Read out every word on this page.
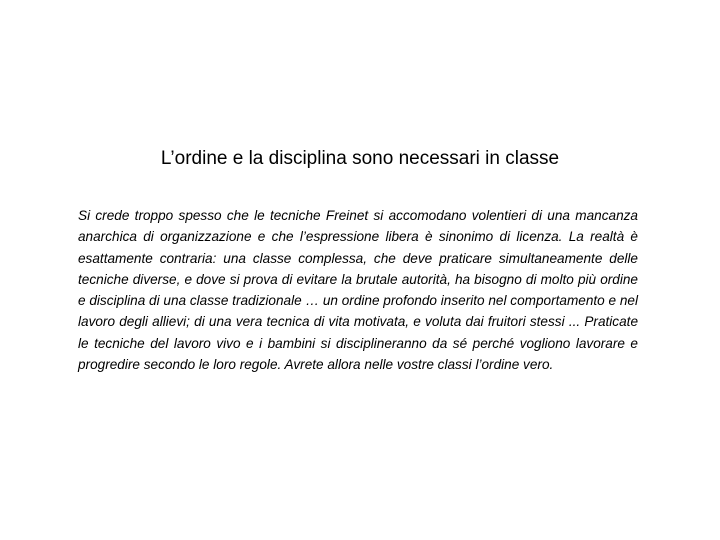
L’ordine e la disciplina sono necessari in classe

Si crede troppo spesso che le tecniche Freinet si accomodano volentieri di una mancanza anarchica di organizzazione e che l’espressione libera è sinonimo di licenza. La realtà è esattamente contraria: una classe complessa, che deve praticare simultaneamente delle tecniche diverse, e dove si prova di evitare la brutale autorità, ha bisogno di molto più ordine e disciplina di una classe tradizionale … un ordine profondo inserito nel comportamento e nel lavoro degli allievi; di una vera tecnica di vita motivata, e voluta dai fruitori stessi ... Praticate le tecniche del lavoro vivo e i bambini si disciplineranno da sé perché vogliono lavorare e progredire secondo le loro regole. Avrete allora nelle vostre classi l’ordine vero.
